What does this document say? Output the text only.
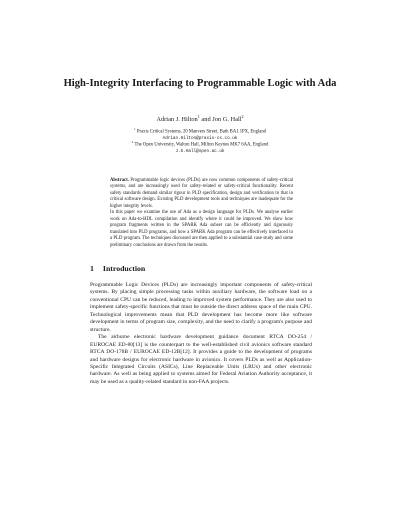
High-Integrity Interfacing to Programmable Logic with Ada
Adrian J. Hilton$^1$ and Jon G. Hall$^2$
$^1$ Praxis Critical Systems, 20 Manvers Street, Bath BA1 1PX, England
Adrian.Hilton@praxis-cs.co.uk
$^2$ The Open University, Walton Hall, Milton Keynes MK7 6AA, England
J.G.Hall@open.ac.uk

Abstract. Programmable logic devices (PLDs) are now common components of safety-critical systems, and are increasingly used for safety-related or safety-critical functionality. Recent safety standards demand similar rigour in PLD specification, design and verification to that in critical software design. Existing PLD development tools and techniques are inadequate for the higher integrity levels.

In this paper we examine the use of Ada as a design language for PLDs. We analyse earlier work on Ada-to-HDL compilation and identify where it could be improved. We show how program fragments written in the SPARK Ada subset can be efficiently and rigorously translated into PLD programs, and how a SPARK Ada program can be effectively interfaced to a PLD program. The techniques discussed are then applied to a substantial case study and some preliminary conclusions are drawn from the results.

1 Introduction

Programmable Logic Devices (PLDs) are increasingly important components of safety-critical systems. By placing simple processing tasks within auxiliary hardware, the software load on a conventional CPU can be reduced, leading to improved system performance. They are also used to implement safety-specific functions that must be outside the direct address space of the main CPU. Technological improvements mean that PLD development has become more like software development in terms of program size, complexity, and the need to clarify a program's purpose and structure.

The airborne electronic hardware development guidance document RTCA DO-254 / EUROCAE ED-80[13] is the counterpart to the well-established civil avionics software standard RTCA DO-178B / EUROCAE ED-12B[12]. It provides a guide to the development of programs and hardware designs for electronic hardware in avionics. It covers PLDs as well as Application-Specific Integrated Circuits (ASICs), Line Replaceable Units (LRUs) and other electronic hardware. As well as being applied to systems aimed for Federal Aviation Authority acceptance, it may be used as a quality-related standard in non-FAA projects.
